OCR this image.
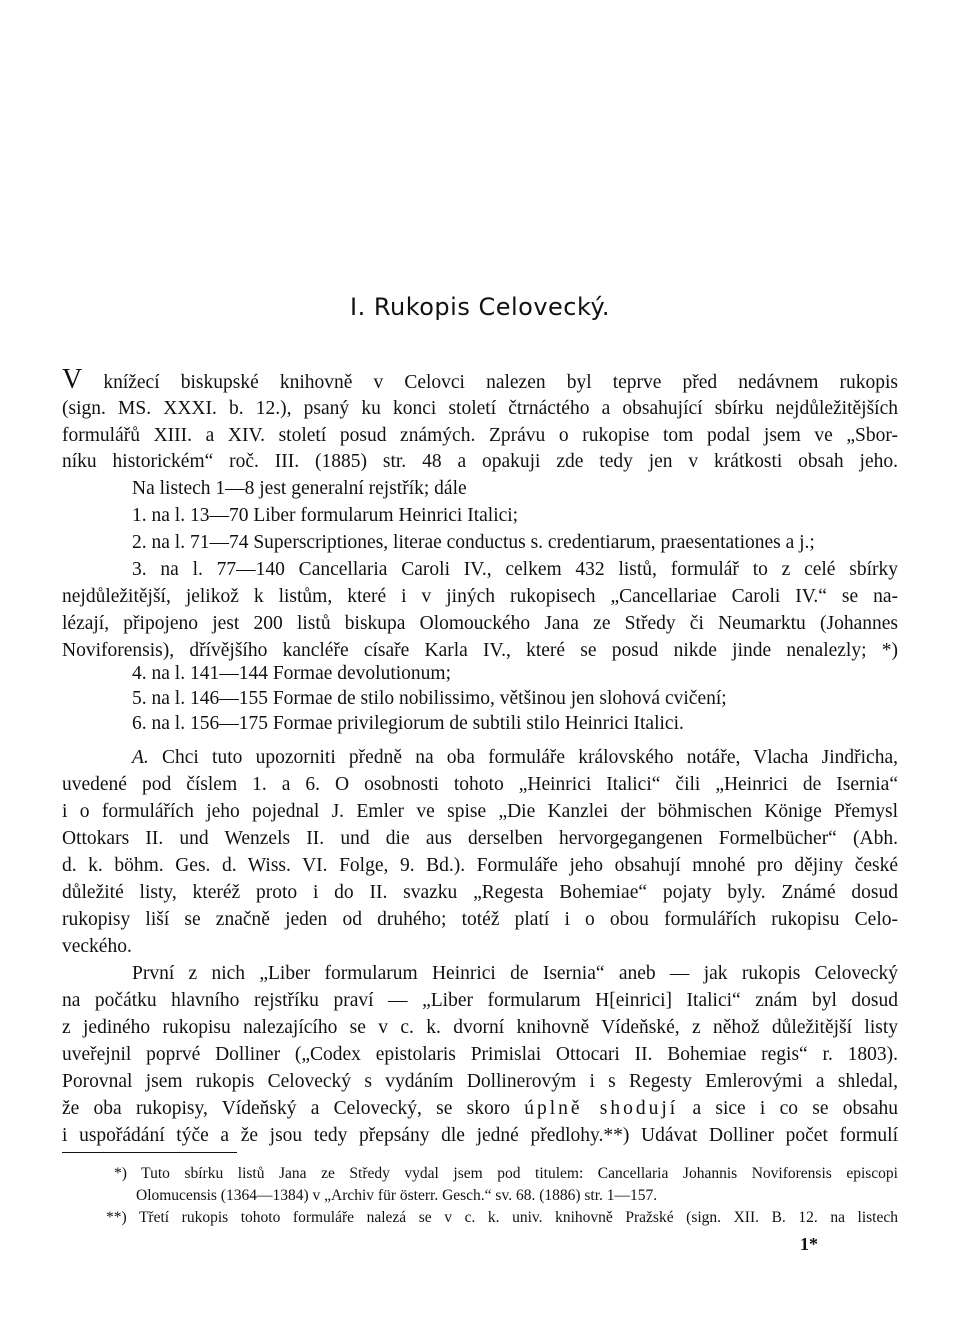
I. Rukopis Celovecký.
V knížecí biskupské knihovně v Celovci nalezen byl teprve před nedávnem rukopis
(sign. MS. XXXI. b. 12.), psaný ku konci století čtrnáctého a obsahující sbírku nejdůležitějších
formulářů XIII. a XIV. století posud známých. Zprávu o rukopise tom podal jsem ve „Sbor-
níku historickém“ roč. III. (1885) str. 48 a opakuji zde tedy jen v krátkosti obsah jeho.
Na listech 1—8 jest generalní rejstřík; dále
1. na l. 13—70 Liber formularum Heinrici Italici;
2. na l. 71—74 Superscriptiones, literae conductus s. credentiarum, praesentationes a j.;
3. na l. 77—140 Cancellaria Caroli IV., celkem 432 listů, formulář to z celé sbírky
nejdůležitější, jelikož k listům, které i v jiných rukopisech „Cancellariae Caroli IV.“ se na-
lézají, připojeno jest 200 listů biskupa Olomouckého Jana ze Středy či Neumarktu (Johannes
Noviforensis), dřívějšího kancléře císaře Karla IV., které se posud nikde jinde nenalezly; *)
4. na l. 141—144 Formae devolutionum;
5. na l. 146—155 Formae de stilo nobilissimo, většinou jen slohová cvičení;
6. na l. 156—175 Formae privilegiorum de subtili stilo Heinrici Italici.
A. Chci tuto upozorniti předně na oba formuláře královského notáře, Vlacha Jindřicha,
uvedené pod číslem 1. a 6. O osobnosti tohoto „Heinrici Italici“ čili „Heinrici de Isernia“
i o formulářích jeho pojednal J. Emler ve spise „Die Kanzlei der böhmischen Könige Přemysl
Ottokars II. und Wenzels II. und die aus derselben hervorgegangenen Formelbücher“ (Abh.
d. k. böhm. Ges. d. Wiss. VI. Folge, 9. Bd.). Formuláře jeho obsahují mnohé pro dějiny české
důležité listy, kteréž proto i do II. svazku „Regesta Bohemiae“ pojaty byly. Známé dosud
rukopisy liší se značně jeden od druhého; totéž platí i o obou formulářích rukopisu Celo-
veckého.
První z nich „Liber formularum Heinrici de Isernia“ aneb — jak rukopis Celovecký
na počátku hlavního rejstříku praví — „Liber formularum H[einrici] Italici“ znám byl dosud
z jediného rukopisu nalezajícího se v c. k. dvorní knihovně Vídeňské, z něhož důležitější listy
uveřejnil poprvé Dolliner („Codex epistolaris Primislai Ottocari II. Bohemiae regis“ r. 1803).
Porovnal jsem rukopis Celovecký s vydáním Dollinerovým i s Regesty Emlerovými a shledal,
že oba rukopisy, Vídeňský a Celovecký, se skoro úplně shodují a sice i co se obsahu
i uspořádání týče a že jsou tedy přepsány dle jedné předlohy.**) Udávat Dolliner počet formulí
*) Tuto sbírku listů Jana ze Středy vydal jsem pod titulem: Cancellaria Johannis Noviforensis episcopi
Olomucensis (1364—1384) v „Archiv für österr. Gesch.“ sv. 68. (1886) str. 1—157.
**) Třetí rukopis tohoto formuláře nalezá se v c. k. univ. knihovně Pražské (sign. XII. B. 12. na listech
1*
